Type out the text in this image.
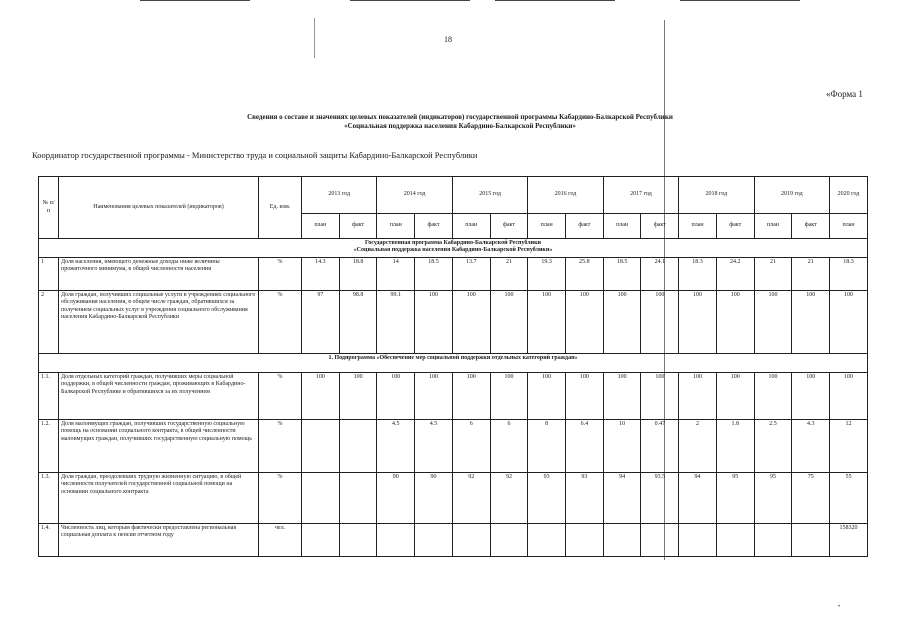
18
«Форма 1
Сведения о составе и значениях целевых показателей (индикаторов) государственной программы Кабардино-Балкарской Республики
«Социальная поддержка населения Кабардино-Балкарской Республики»
Координатор государственной программы - Министерство труда и социальной защиты Кабардино-Балкарской Республики
№ п/п	Наименования целевых показателей (индикаторов)	Ед. изм.	2013 год		2014 год		2015 год		2016 год		2017 год		2018 год		2019 год		2020 год
			план	факт	план	факт	план	факт	план	факт	план	факт	план	факт	план	факт	план

Государственная программа Кабардино-Балкарской Республики
«Социальная поддержка населения Кабардино-Балкарской Республики»																	

1	Доля населения, имеющего денежные доходы ниже величины прожиточного минимума, в общей численности населения	%	14.3	18.8	14	18.5	13.7	21	19.3	25.8	18.5	24.1	18.3	24.2	21	21	18.3
2	Доля граждан, получивших социальные услуги в учреждениях социального обслуживания населения, в общем числе граждан, обратившихся за получением социальных услуг в учреждения социального обслуживания населения Кабардино-Балкарской Республики	%	97	98.8	99.1	100	100	100	100	100	100	100	100	100	100	100	100

1. Подпрограмма «Обеспечение мер социальной поддержки отдельных категорий граждан»																	

1.1.	Доля отдельных категорий граждан, получивших меры социальной поддержки, в общей численности граждан, проживающих в Кабардино-Балкарской Республике и обратившихся за их получением	%	100	100	100	100	100	100	100	100	100	100	100	100	100	100	100
1.2.	Доля малоимущих граждан, получивших государственную социальную помощь на основании социального контракта, в общей численности малоимущих граждан, получивших государственную социальную помощь	%			4.5	4.5	6	6	8	6.4	10	0.47	2	1.8	2.5	4.3	12
1.3.	Доля граждан, преодолевших трудную жизненную ситуацию, в общей численности получателей государственной социальной помощи на основании социального контракта	%			90	90	92	92	93	93	94	93.5	94	95	95	75	55
1.4.	Численность лиц, которым фактически предоставлена региональная социальная доплата к пенсии отчетном году	чел.															158320
•
